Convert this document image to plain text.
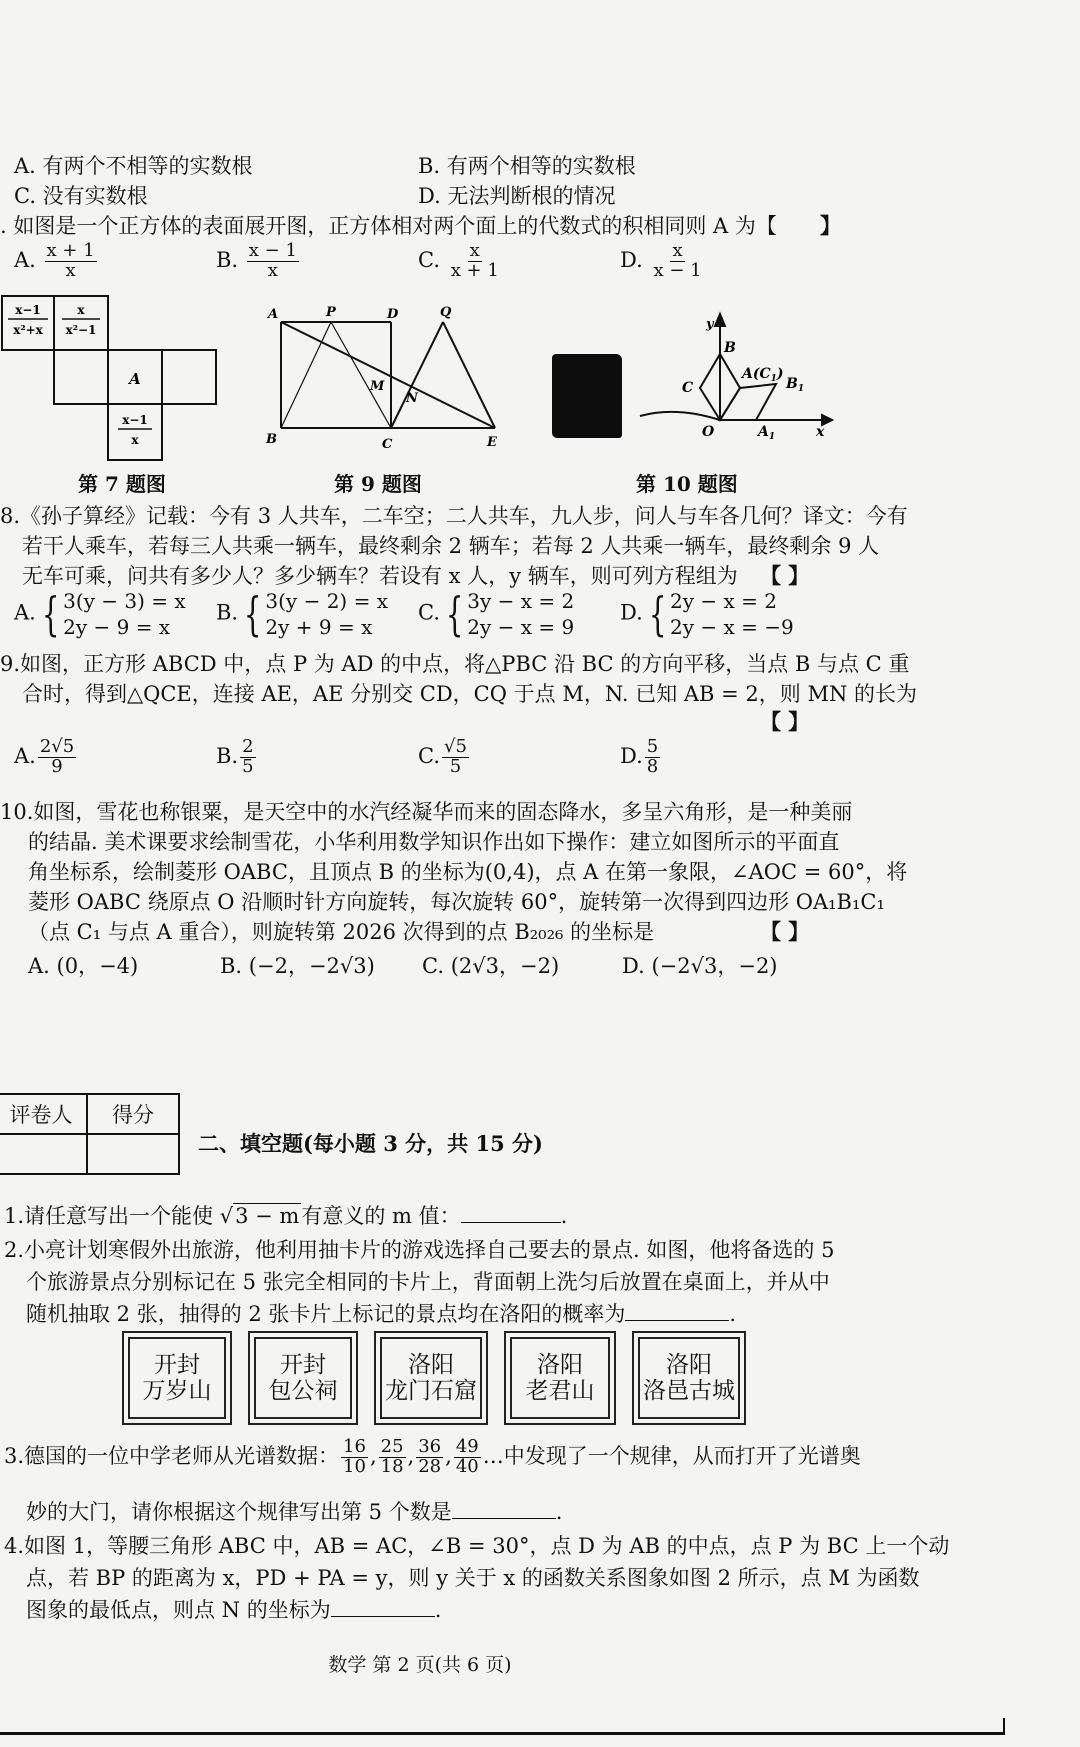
A. 有两个不相等的实数根	B. 有两个相等的实数根
C. 没有实数根	D. 无法判断根的情况
. 如图是一个正方体的表面展开图，正方体相对两个面上的代数式的积相同则 A 为【 】
A. $\frac{x + 1}{x}$	B. $\frac{x - 1}{x}$	C. $\frac{x}{x + 1}$	D. $\frac{x}{x - 1}$
x−1
x²+x
x
x²−1
A
x−1
x
A	P	D	Q
M
N
B	C	E
y
B
$A(C_1)$
$B_1$
C
O	$A_1$	x
第 7 题图	第 9 题图	第 10 题图
8.《孙子算经》记载：今有 3 人共车，二车空；二人共车，九人步，问人与车各几何？译文：今有
若干人乘车，若每三人共乘一辆车，最终剩余 2 辆车；若每 2 人共乘一辆车，最终剩余 9 人
无车可乘，问共有多少人？多少辆车？若设有 x 人，y 辆车，则可列方程组为 【 】
A. { 3(y − 3) = x
2y − 9 = x
B. { 3(y − 2) = x
2y + 9 = x
C. { 3y − x = 2
2y − x = 9
D. { 2y − x = 2
2y − x = −9
9.如图，正方形 ABCD 中，点 P 为 AD 的中点，将△PBC 沿 BC 的方向平移，当点 B 与点 C 重
合时，得到△QCE，连接 AE，AE 分别交 CD，CQ 于点 M，N. 已知 AB = 2，则 MN 的长为
【 】
A. $\frac{2√5}{9}$	B. $\frac{2}{5}$	C. $\frac{√5}{5}$	D. $\frac{5}{8}$
10.如图，雪花也称银粟，是天空中的水汽经凝华而来的固态降水，多呈六角形，是一种美丽
的结晶. 美术课要求绘制雪花，小华利用数学知识作出如下操作：建立如图所示的平面直
角坐标系，绘制菱形 OABC，且顶点 B 的坐标为(0,4)，点 A 在第一象限，∠AOC = 60°，将
菱形 OABC 绕原点 O 沿顺时针方向旋转，每次旋转 60°，旋转第一次得到四边形 OA₁B₁C₁
（点 C₁ 与点 A 重合），则旋转第 2026 次得到的点 B₂₀₂₆ 的坐标是	【 】
A. (0，−4)	B. (−2，−2√3) C. (2√3，−2)	D. (−2√3，−2)
评卷人	得分

二、填空题(每小题 3 分，共 15 分)
1.请任意写出一个能使 √3 − m有意义的 m 值：	.
2.小亮计划寒假外出旅游，他利用抽卡片的游戏选择自己要去的景点. 如图，他将备选的 5
个旅游景点分别标记在 5 张完全相同的卡片上，背面朝上洗匀后放置在桌面上，并从中
随机抽取 2 张，抽得的 2 张卡片上标记的景点均在洛阳的概率为	.
开封
万岁山
开封
包公祠
洛阳
龙门石窟
洛阳
老君山
洛阳
洛邑古城
3.德国的一位中学老师从光谱数据： $\frac{16}{10}$ , $\frac{25}{18}$ , $\frac{36}{28}$ , $\frac{49}{40}$ …中发现了一个规律，从而打开了光谱奥
妙的大门，请你根据这个规律写出第 5 个数是	.
4.如图 1，等腰三角形 ABC 中，AB = AC，∠B = 30°，点 D 为 AB 的中点，点 P 为 BC 上一个动
点，若 BP 的距离为 x，PD + PA = y，则 y 关于 x 的函数关系图象如图 2 所示，点 M 为函数
图象的最低点，则点 N 的坐标为	.
数学 第 2 页(共 6 页)
